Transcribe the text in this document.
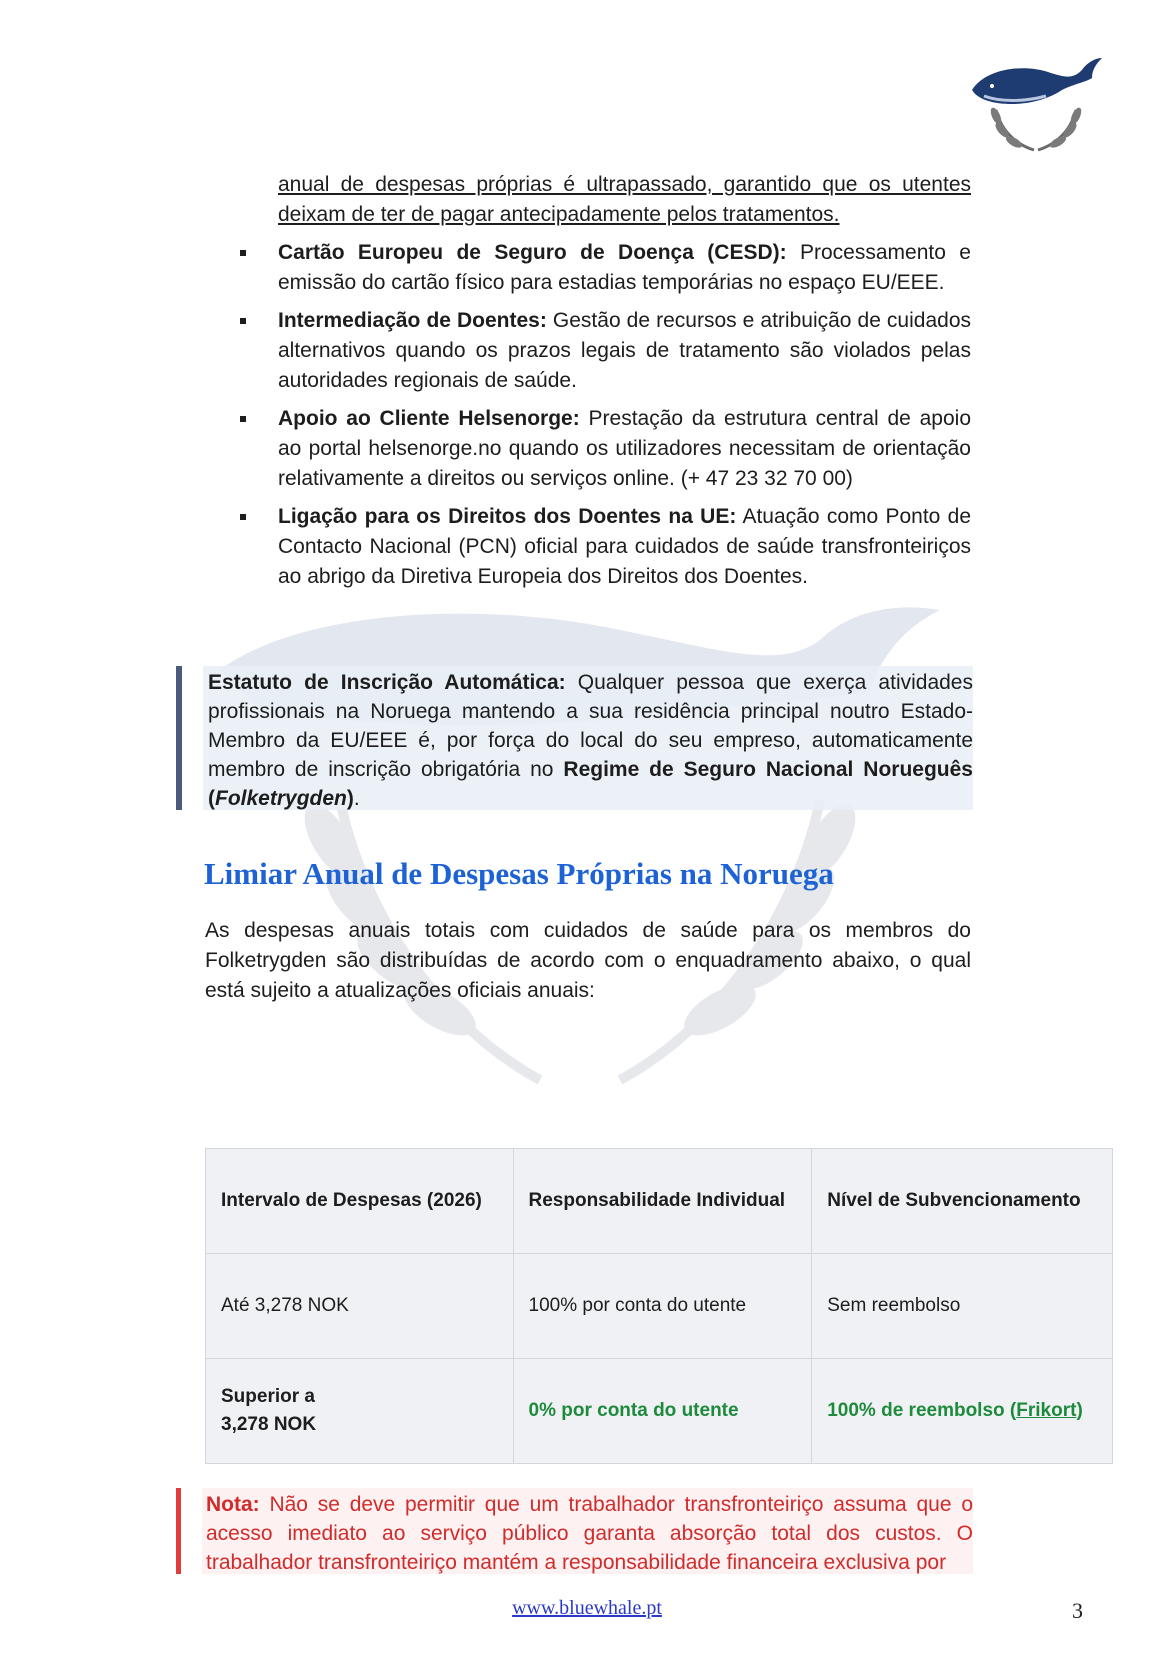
anual de despesas próprias é ultrapassado, garantido que os utentes deixam de ter de pagar antecipadamente pelos tratamentos.

Cartão Europeu de Seguro de Doença (CESD): Processamento e emissão do cartão físico para estadias temporárias no espaço EU/EEE.
Intermediação de Doentes: Gestão de recursos e atribuição de cuidados alternativos quando os prazos legais de tratamento são violados pelas autoridades regionais de saúde.
Apoio ao Cliente Helsenorge: Prestação da estrutura central de apoio ao portal helsenorge.no quando os utilizadores necessitam de orientação relativamente a direitos ou serviços online. (+ 47 23 32 70 00)
Ligação para os Direitos dos Doentes na UE: Atuação como Ponto de Contacto Nacional (PCN) oficial para cuidados de saúde transfronteiriços ao abrigo da Diretiva Europeia dos Direitos dos Doentes.

Estatuto de Inscrição Automática: Qualquer pessoa que exerça atividades profissionais na Noruega mantendo a sua residência principal noutro Estado-Membro da EU/EEE é, por força do local do seu empreso, automaticamente membro de inscrição obrigatória no Regime de Seguro Nacional Norueguês (Folketrygden).

Limiar Anual de Despesas Próprias na Noruega

As despesas anuais totais com cuidados de saúde para os membros do Folketrygden são distribuídas de acordo com o enquadramento abaixo, o qual está sujeito a atualizações oficiais anuais:

Intervalo de Despesas (2026)	Responsabilidade Individual	Nível de Subvencionamento
Até 3,278 NOK	100% por conta do utente	Sem reembolso
Superior a
3,278 NOK	0% por conta do utente	100% de reembolso (Frikort)

Nota: Não se deve permitir que um trabalhador transfronteiriço assuma que o acesso imediato ao serviço público garanta absorção total dos custos. O trabalhador transfronteiriço mantém a responsabilidade financeira exclusiva por

www.bluewhale.pt	3
